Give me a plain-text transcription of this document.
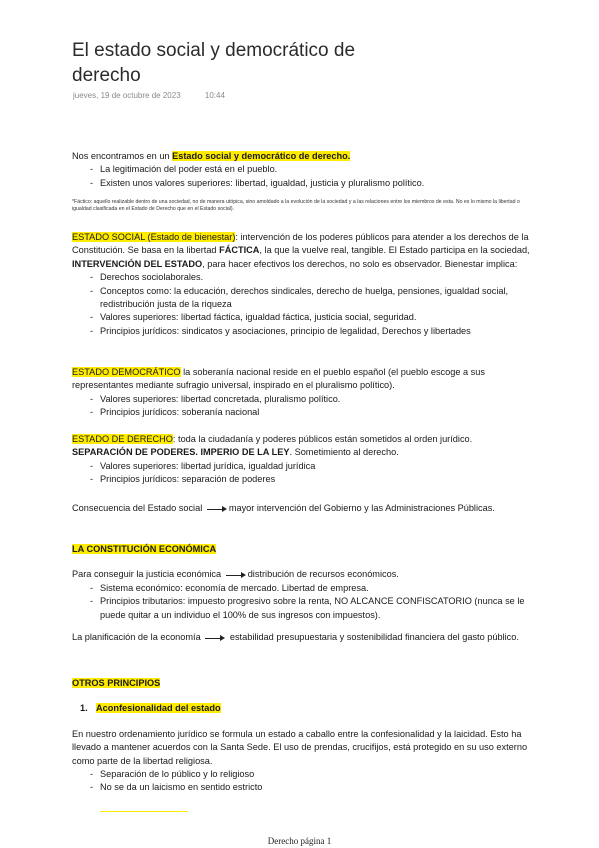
El estado social y democrático de derecho
jueves, 19 de octubre de 2023	10:44

Nos encontramos en un Estado social y democrático de derecho.

- La legitimación del poder está en el pueblo.
- Existen unos valores superiores: libertad, igualdad, justicia y pluralismo político.

*Fáctico: aquello realizable dentro de una sociedad, no de manera utópica, sino amoldado a la evolución de la sociedad y a las relaciones entre los miembros de esta. No es lo mismo la libertad o igualdad clasificada en el Estado de Derecho que en el Estado social).

ESTADO SOCIAL (Estado de bienestar): intervención de los poderes públicos para atender a los derechos de la Constitución. Se basa en la libertad FÁCTICA, la que la vuelve real, tangible. El Estado participa en la sociedad, INTERVENCIÓN DEL ESTADO, para hacer efectivos los derechos, no solo es observador. Bienestar implica:

- Derechos sociolaborales.
- Conceptos como: la educación, derechos sindicales, derecho de huelga, pensiones, igualdad social, redistribución justa de la riqueza
- Valores superiores: libertad fáctica, igualdad fáctica, justicia social, seguridad.
- Principios jurídicos: sindicatos y asociaciones, principio de legalidad, Derechos y libertades

ESTADO DEMOCRÁTICO la soberanía nacional reside en el pueblo español (el pueblo escoge a sus representantes mediante sufragio universal, inspirado en el pluralismo político).

- Valores superiores: libertad concretada, pluralismo político.
- Principios jurídicos: soberanía nacional

ESTADO DE DERECHO: toda la ciudadanía y poderes públicos están sometidos al orden jurídico. SEPARACIÓN DE PODERES. IMPERIO DE LA LEY. Sometimiento al derecho.

- Valores superiores: libertad jurídica, igualdad jurídica
- Principios jurídicos: separación de poderes

Consecuencia del Estado social	mayor intervención del Gobierno y las Administraciones Públicas.

LA CONSTITUCIÓN ECONÓMICA

Para conseguir la justicia económica	distribución de recursos económicos.

- Sistema económico: economía de mercado. Libertad de empresa.
- Principios tributarios: impuesto progresivo sobre la renta, NO ALCANCE CONFISCATORIO (nunca se le puede quitar a un individuo el 100% de sus ingresos con impuestos).

La planificación de la economía	estabilidad presupuestaria y sostenibilidad financiera del gasto público.

OTROS PRINCIPIOS

1. Aconfesionalidad del estado

En nuestro ordenamiento jurídico se formula un estado a caballo entre la confesionalidad y la laicidad. Esto ha llevado a mantener acuerdos con la Santa Sede. El uso de prendas, crucifijos, está protegido en su uso externo como parte de la libertad religiosa.

- Separación de lo público y lo religioso
- No se da un laicismo en sentido estricto
Derecho página 1
